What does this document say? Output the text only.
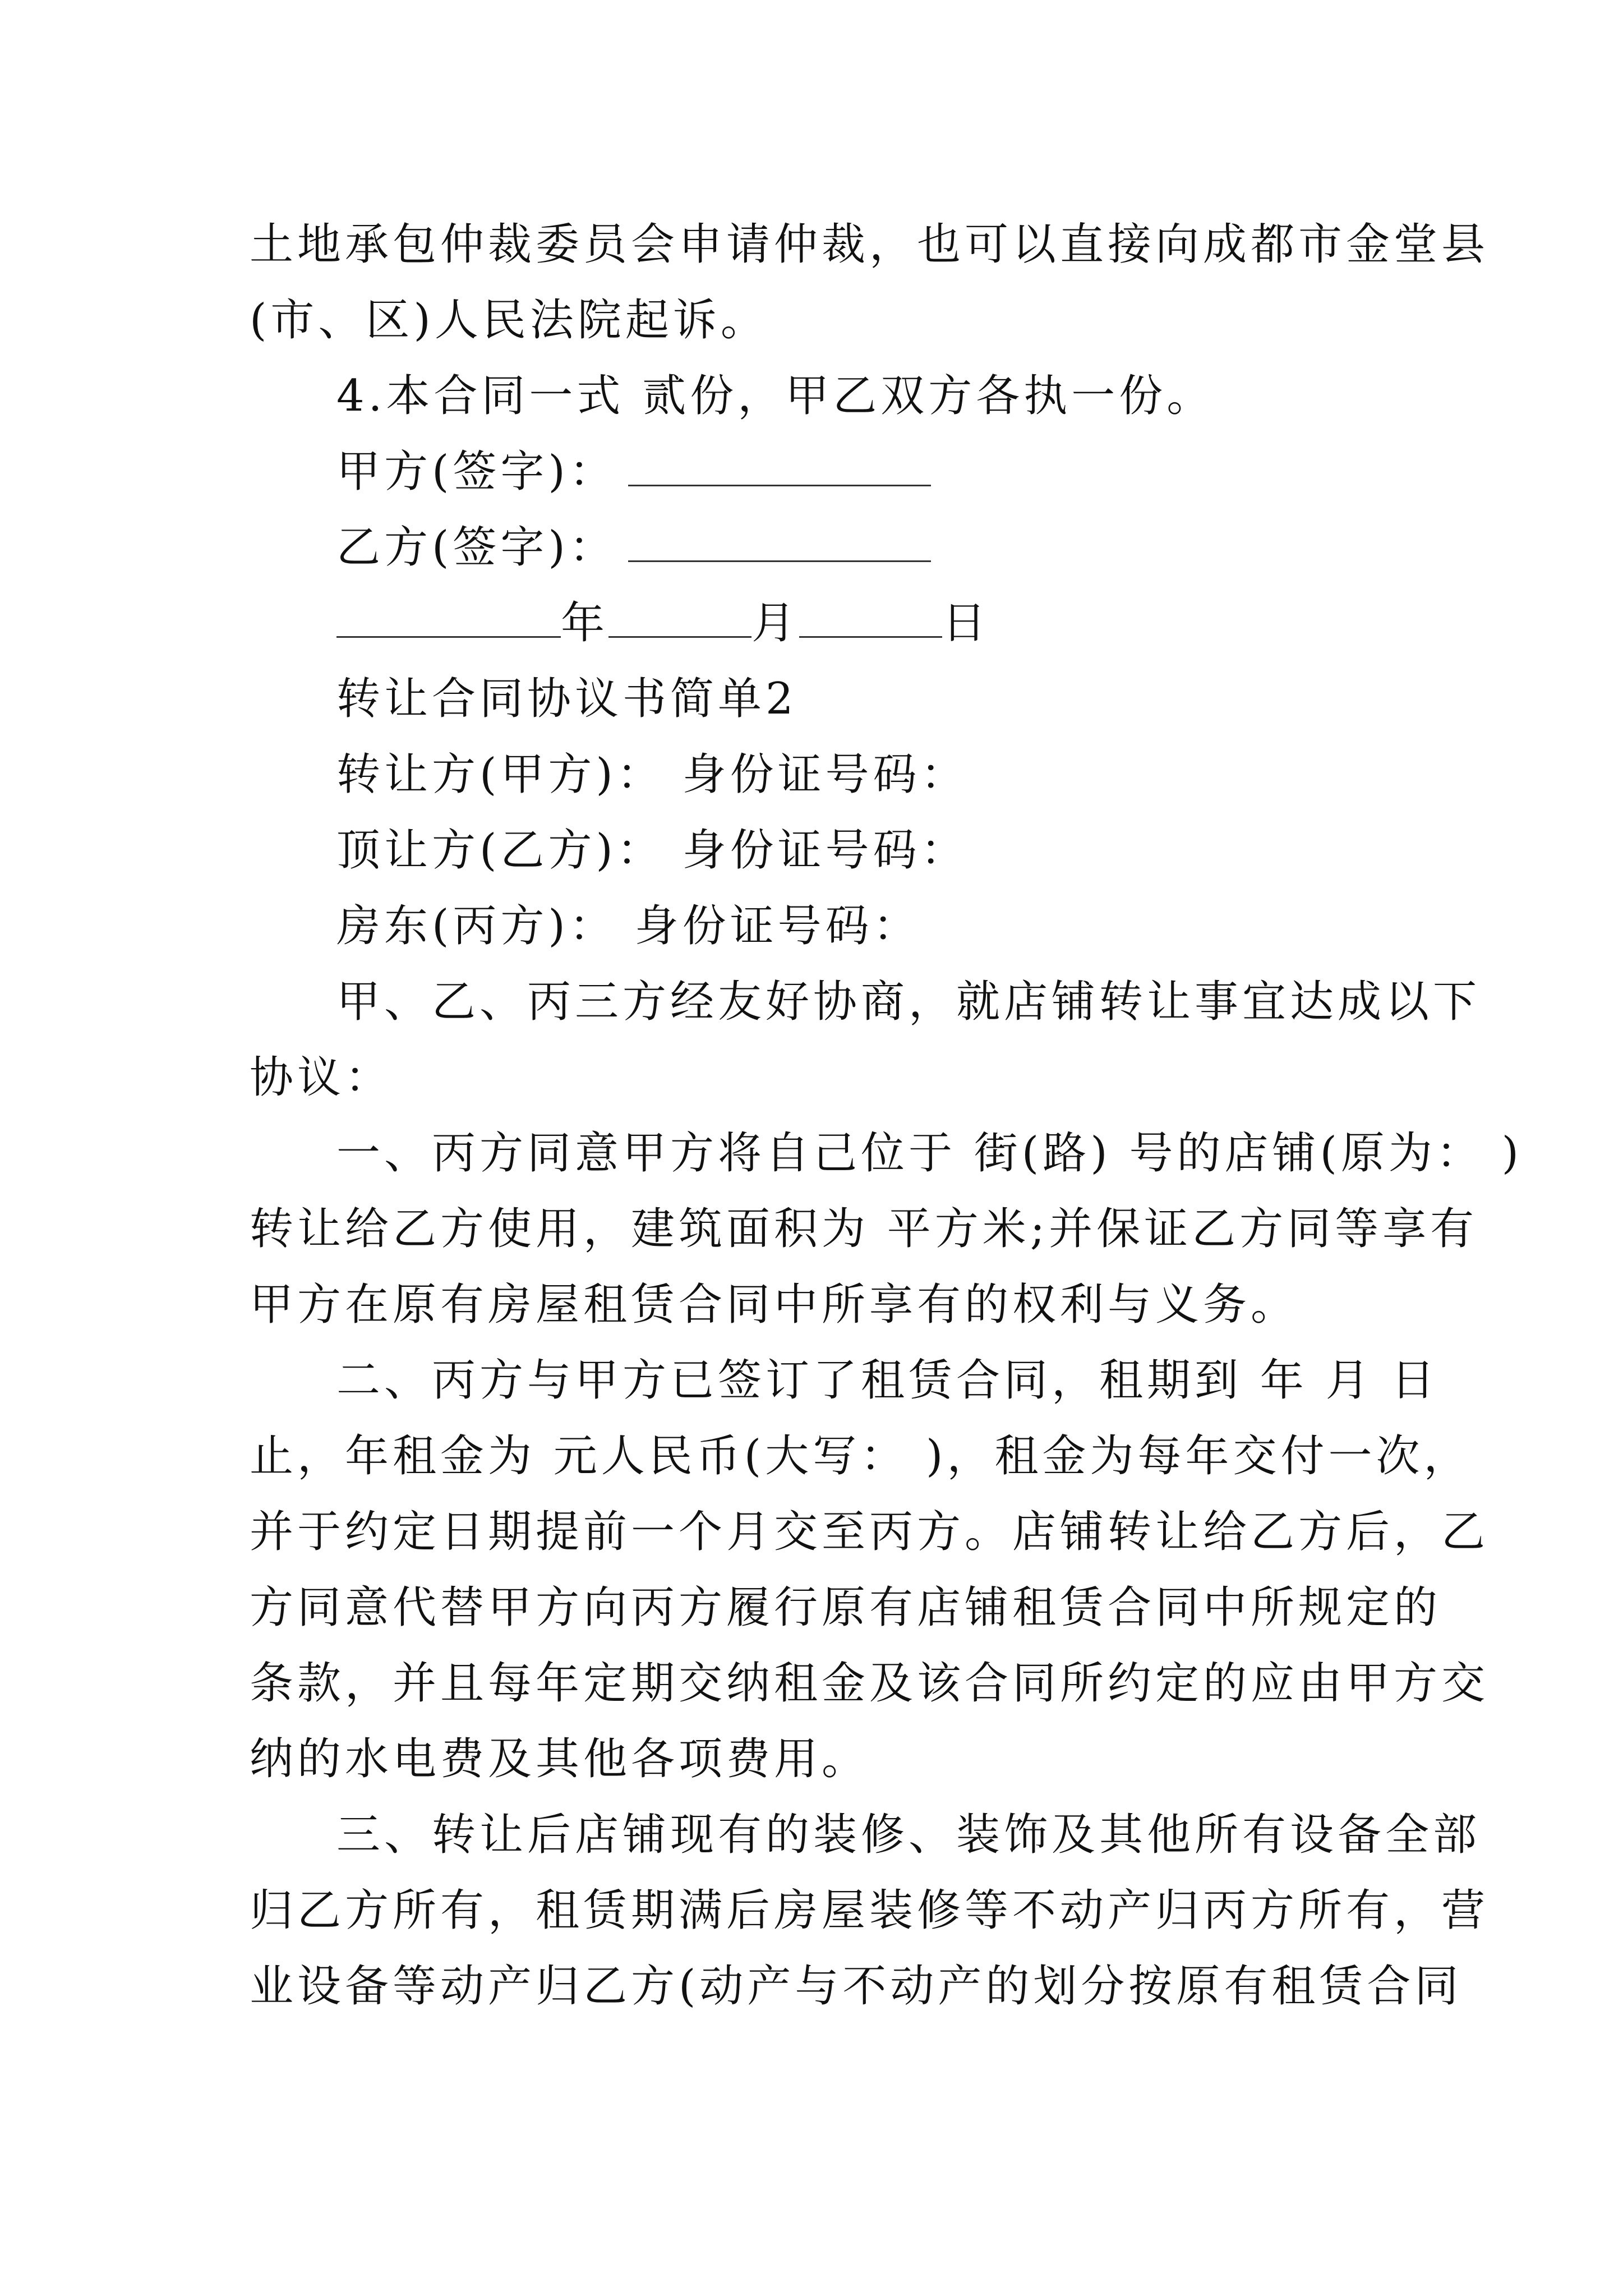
土地承包仲裁委员会申请仲裁，也可以直接向成都市金堂县
(市、区)人民法院起诉。
4.本合同一式 贰份，甲乙双方各执一份。
甲方(签字)：
乙方(签字)：
年	月	日
转让合同协议书简单2
转让方(甲方)： 身份证号码：
顶让方(乙方)： 身份证号码：
房东(丙方)： 身份证号码：
甲、乙、丙三方经友好协商，就店铺转让事宜达成以下
协议：
一、丙方同意甲方将自己位于 街(路) 号的店铺(原为： )
转让给乙方使用，建筑面积为 平方米;并保证乙方同等享有
甲方在原有房屋租赁合同中所享有的权利与义务。
二、丙方与甲方已签订了租赁合同，租期到 年 月 日
止，年租金为 元人民币(大写： )，租金为每年交付一次，
并于约定日期提前一个月交至丙方。店铺转让给乙方后，乙
方同意代替甲方向丙方履行原有店铺租赁合同中所规定的
条款，并且每年定期交纳租金及该合同所约定的应由甲方交
纳的水电费及其他各项费用。
三、转让后店铺现有的装修、装饰及其他所有设备全部
归乙方所有，租赁期满后房屋装修等不动产归丙方所有，营
业设备等动产归乙方(动产与不动产的划分按原有租赁合同
